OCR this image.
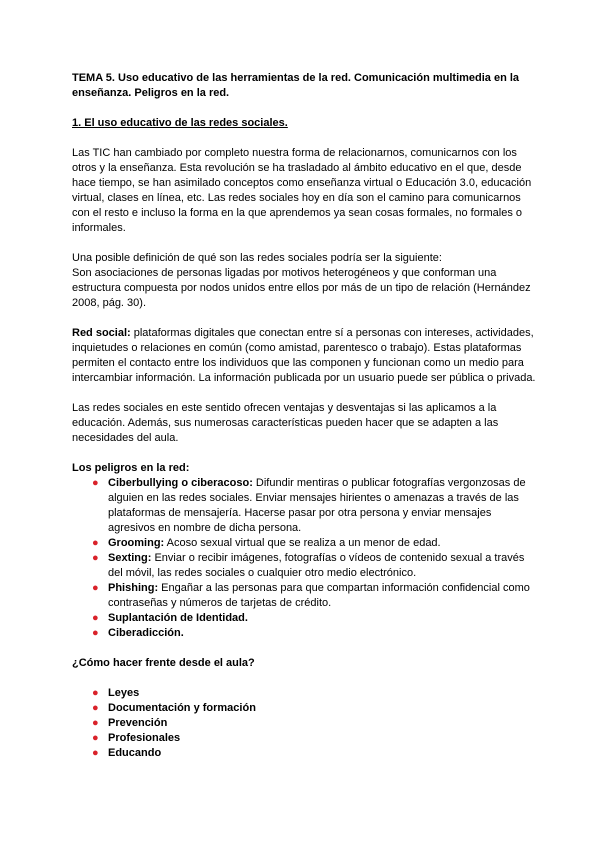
TEMA 5. Uso educativo de las herramientas de la red. Comunicación multimedia en la enseñanza. Peligros en la red.
1. El uso educativo de las redes sociales.

Las TIC han cambiado por completo nuestra forma de relacionarnos, comunicarnos con los otros y la enseñanza. Esta revolución se ha trasladado al ámbito educativo en el que, desde hace tiempo, se han asimilado conceptos como enseñanza virtual o Educación 3.0, educación virtual, clases en línea, etc. Las redes sociales hoy en día son el camino para comunicarnos con el resto e incluso la forma en la que aprendemos ya sean cosas formales, no formales o informales.

Una posible definición de qué son las redes sociales podría ser la siguiente:
Son asociaciones de personas ligadas por motivos heterogéneos y que conforman una estructura compuesta por nodos unidos entre ellos por más de un tipo de relación (Hernández 2008, pág. 30).

Red social: plataformas digitales que conectan entre sí a personas con intereses, actividades, inquietudes o relaciones en común (como amistad, parentesco o trabajo). Estas plataformas permiten el contacto entre los individuos que las componen y funcionan como un medio para intercambiar información. La información publicada por un usuario puede ser pública o privada.

Las redes sociales en este sentido ofrecen ventajas y desventajas si las aplicamos a la educación. Además, sus numerosas características pueden hacer que se adapten a las necesidades del aula.

Los peligros en la red:
● Ciberbullying o ciberacoso: Difundir mentiras o publicar fotografías vergonzosas de alguien en las redes sociales. Enviar mensajes hirientes o amenazas a través de las plataformas de mensajería. Hacerse pasar por otra persona y enviar mensajes agresivos en nombre de dicha persona.
● Grooming: Acoso sexual virtual que se realiza a un menor de edad.
● Sexting: Enviar o recibir imágenes, fotografías o vídeos de contenido sexual a través del móvil, las redes sociales o cualquier otro medio electrónico.
● Phishing: Engañar a las personas para que compartan información confidencial como contraseñas y números de tarjetas de crédito.
● Suplantación de Identidad.
● Ciberadicción.
¿Cómo hacer frente desde el aula?
● Leyes
● Documentación y formación
● Prevención
● Profesionales
● Educando
